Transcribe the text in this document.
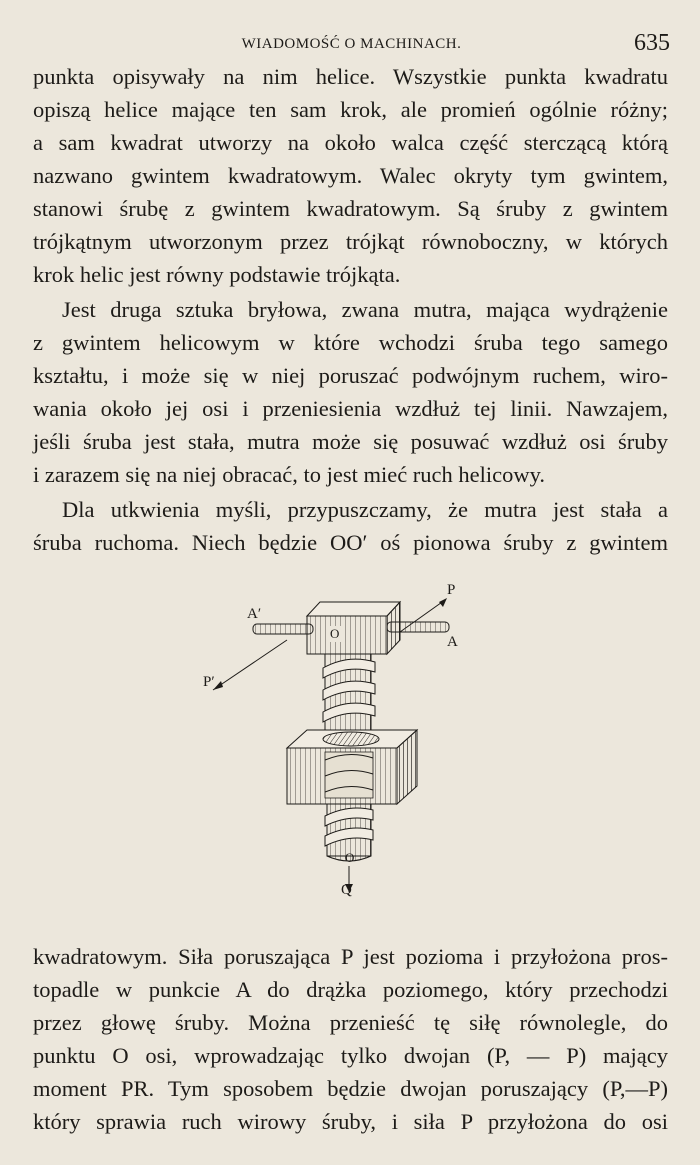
WIADOMOŚĆ O MACHINACH.	635
punkta opisywały na nim helice. Wszystkie punkta kwadratu
opiszą helice mające ten sam krok, ale promień ogólnie różny;
a sam kwadrat utworzy na około walca część sterczącą którą
nazwano gwintem kwadratowym. Walec okryty tym gwintem,
stanowi śrubę z gwintem kwadratowym. Są śruby z gwintem
trójkątnym utworzonym przez trójkąt równoboczny, w których
krok helic jest równy podstawie trójkąta.
Jest druga sztuka bryłowa, zwana mutra, mająca wydrążenie
z gwintem helicowym w które wchodzi śruba tego samego
kształtu, i może się w niej poruszać podwójnym ruchem, wiro-
wania około jej osi i przeniesienia wzdłuż tej linii. Nawzajem,
jeśli śruba jest stała, mutra może się posuwać wzdłuż osi śruby
i zarazem się na niej obracać, to jest mieć ruch helicowy.
Dla utkwienia myśli, przypuszczamy, że mutra jest stała a
śruba ruchoma. Niech będzie OO′ oś pionowa śruby z gwintem
A′
P
O
A
P′
O
Q
kwadratowym. Siła poruszająca P jest pozioma i przyłożona pros-
topadle w punkcie A do drążka poziomego, który przechodzi
przez głowę śruby. Można przenieść tę siłę równolegle, do
punktu O osi, wprowadzając tylko dwojan (P, — P) mający
moment PR. Tym sposobem będzie dwojan poruszający (P,—P)
który sprawia ruch wirowy śruby, i siła P przyłożona do osi
